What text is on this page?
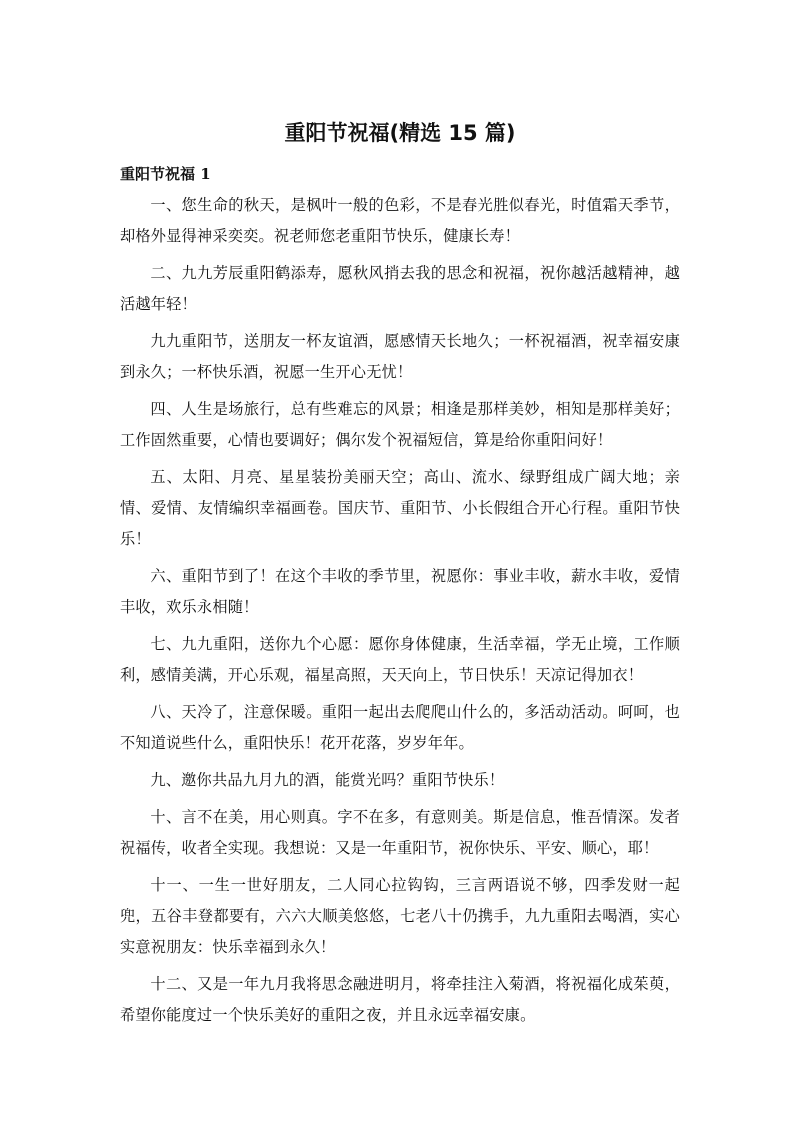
重阳节祝福(精选 15 篇)
重阳节祝福 1

一、您生命的秋天，是枫叶一般的色彩，不是春光胜似春光，时值霜天季节，却格外显得神采奕奕。祝老师您老重阳节快乐，健康长寿！

二、九九芳辰重阳鹤添寿，愿秋风捎去我的思念和祝福，祝你越活越精神，越活越年轻！

九九重阳节，送朋友一杯友谊酒，愿感情天长地久；一杯祝福酒，祝幸福安康到永久；一杯快乐酒，祝愿一生开心无忧！

四、人生是场旅行，总有些难忘的风景；相逢是那样美妙，相知是那样美好；工作固然重要，心情也要调好；偶尔发个祝福短信，算是给你重阳问好！

五、太阳、月亮、星星装扮美丽天空；高山、流水、绿野组成广阔大地；亲情、爱情、友情编织幸福画卷。国庆节、重阳节、小长假组合开心行程。重阳节快乐！

六、重阳节到了！在这个丰收的季节里，祝愿你：事业丰收，薪水丰收，爱情丰收，欢乐永相随！

七、九九重阳，送你九个心愿：愿你身体健康，生活幸福，学无止境，工作顺利，感情美满，开心乐观，福星高照，天天向上，节日快乐！天凉记得加衣！

八、天冷了，注意保暖。重阳一起出去爬爬山什么的，多活动活动。呵呵，也不知道说些什么，重阳快乐！花开花落，岁岁年年。

九、邀你共品九月九的酒，能赏光吗？重阳节快乐！

十、言不在美，用心则真。字不在多，有意则美。斯是信息，惟吾情深。发者祝福传，收者全实现。我想说：又是一年重阳节，祝你快乐、平安、顺心，耶！

十一、一生一世好朋友，二人同心拉钩钩，三言两语说不够，四季发财一起兜，五谷丰登都要有，六六大顺美悠悠，七老八十仍携手，九九重阳去喝酒，实心实意祝朋友：快乐幸福到永久！

十二、又是一年九月我将思念融进明月，将牵挂注入菊酒，将祝福化成茱萸，希望你能度过一个快乐美好的重阳之夜，并且永远幸福安康。
